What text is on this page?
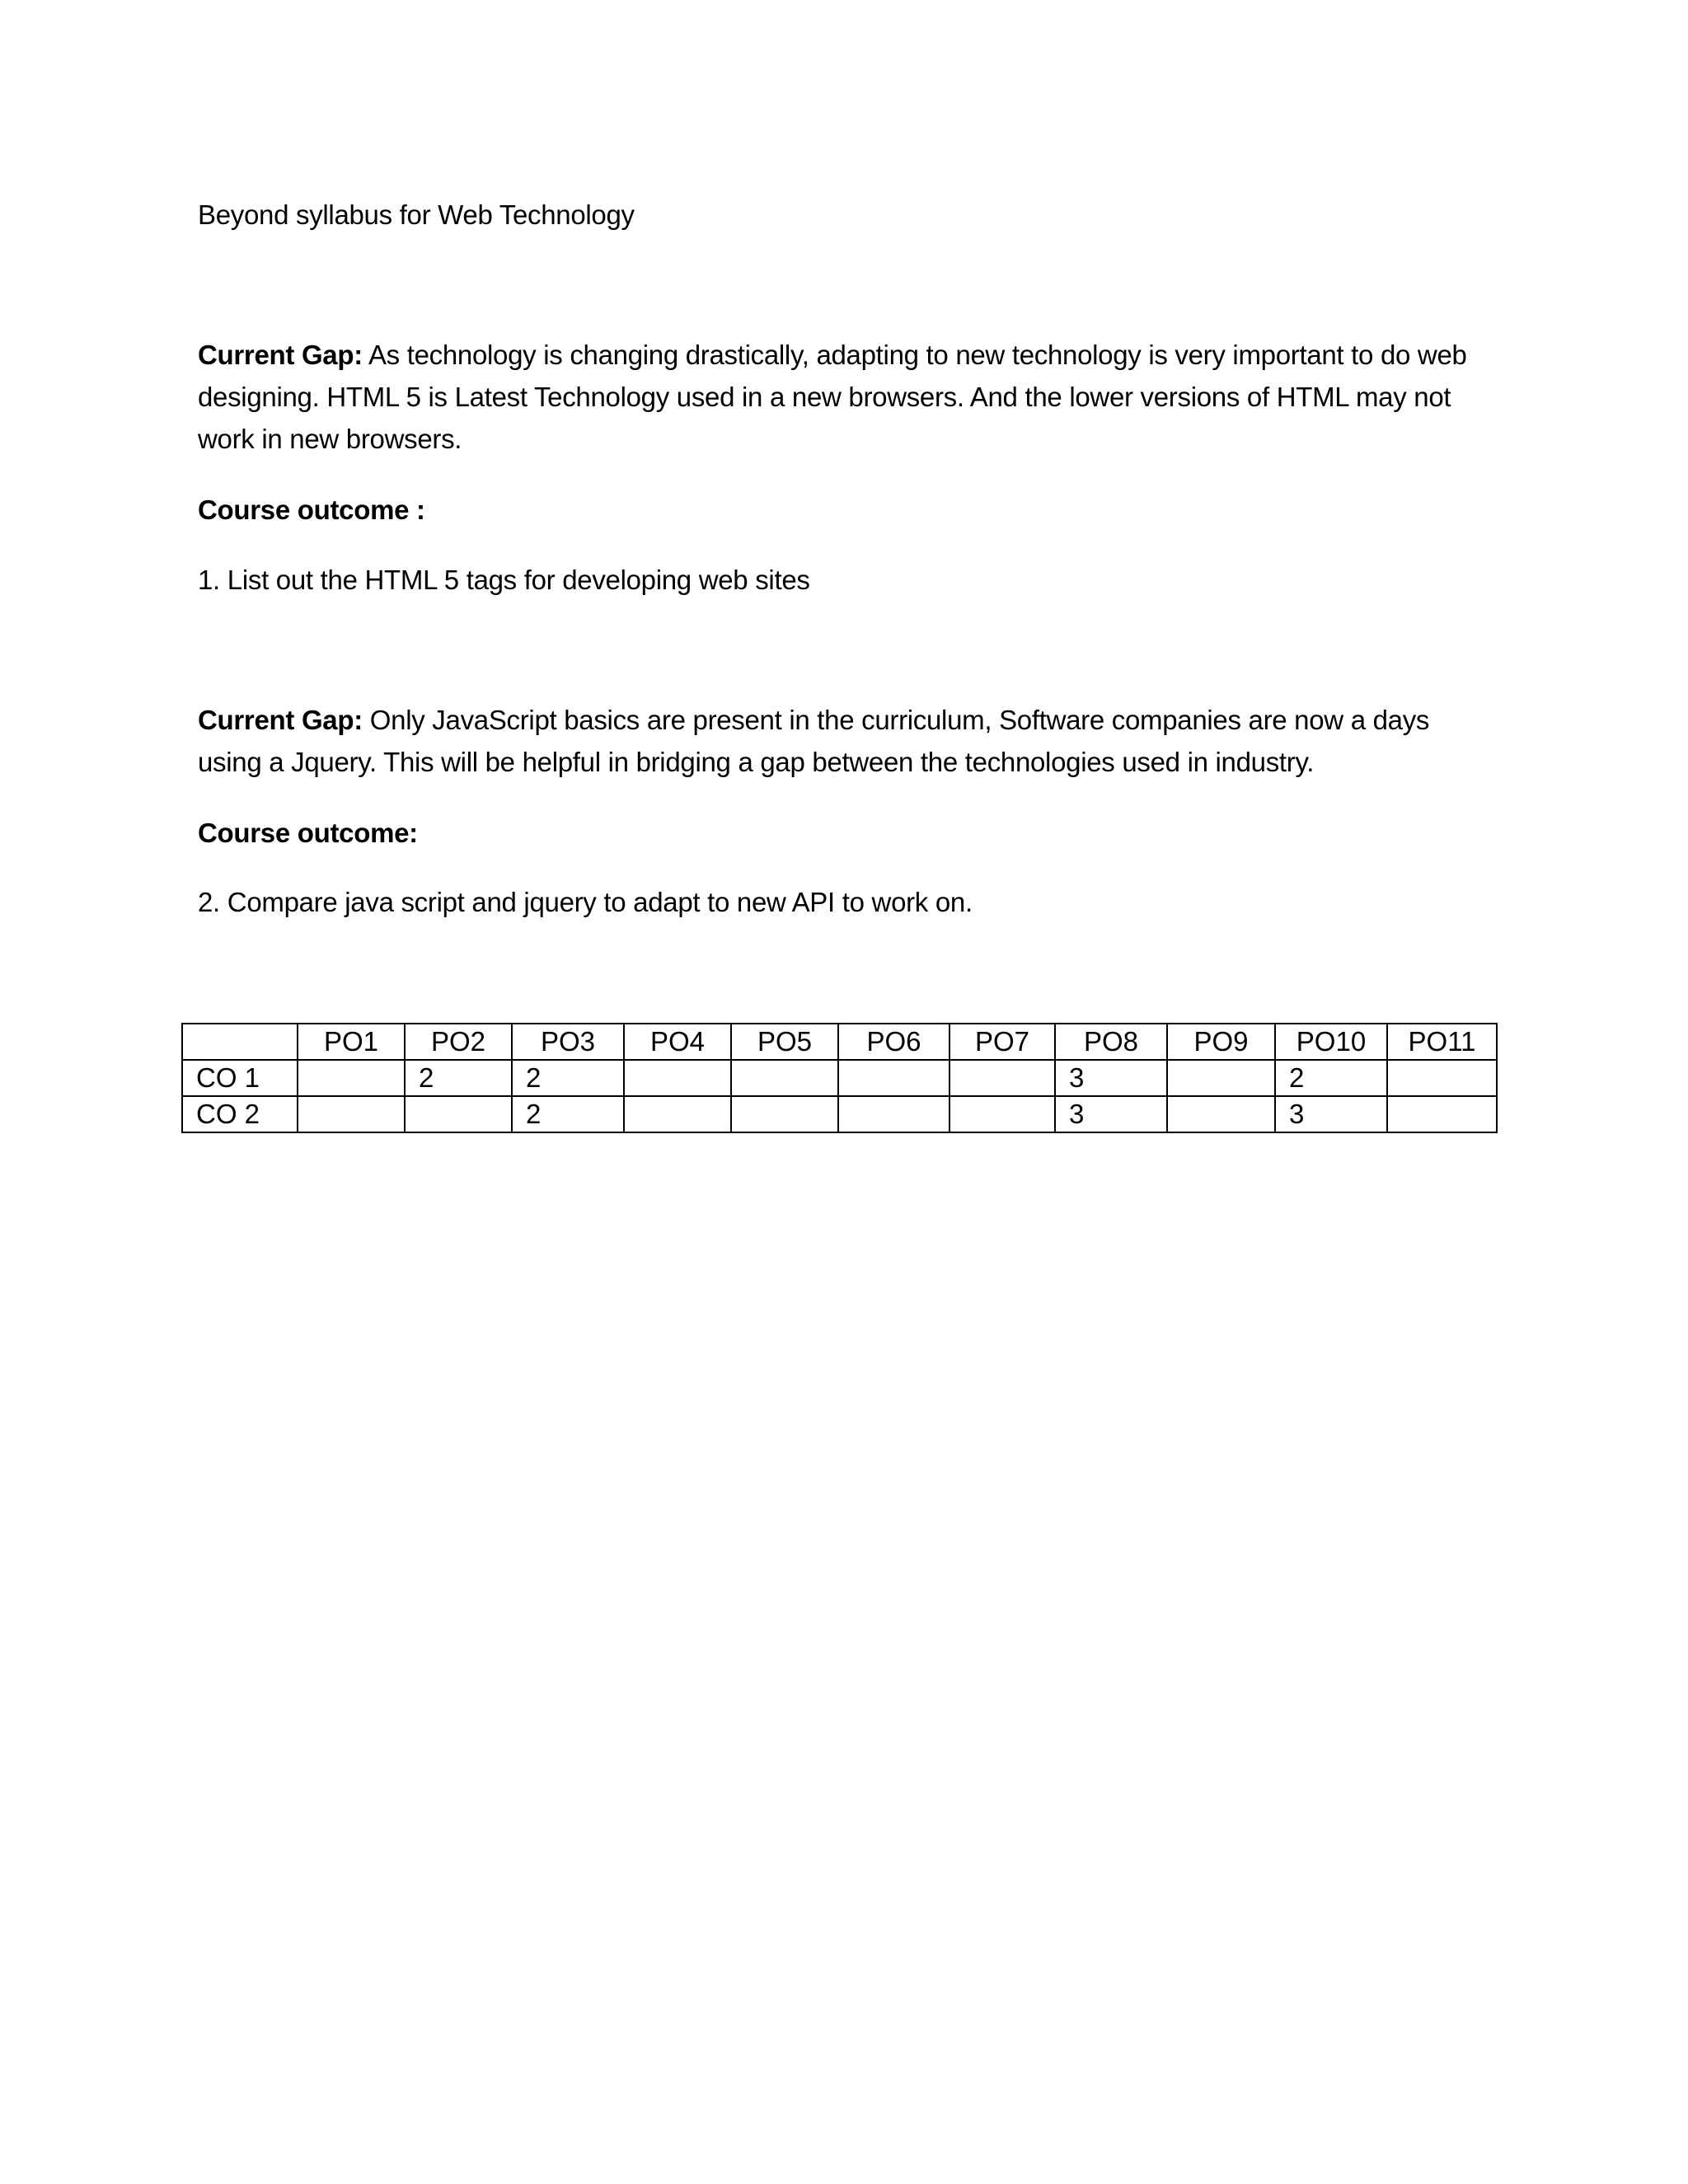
Beyond syllabus for Web Technology
Current Gap: As technology is changing drastically, adapting to new technology is very important to do web designing. HTML 5 is Latest Technology used in a new browsers. And the lower versions of HTML may not work in new browsers.
Course outcome :
1. List out the HTML 5 tags for developing web sites
Current Gap: Only JavaScript basics are present in the curriculum, Software companies are now a days using a Jquery. This will be helpful in bridging a gap between the technologies used in industry.
Course outcome:
2. Compare java script and jquery to adapt to new API to work on.
	PO1	PO2	PO3	PO4	PO5	PO6	PO7	PO8	PO9	PO10	PO11
CO 1		2	2					3		2	
CO 2			2					3		3	
